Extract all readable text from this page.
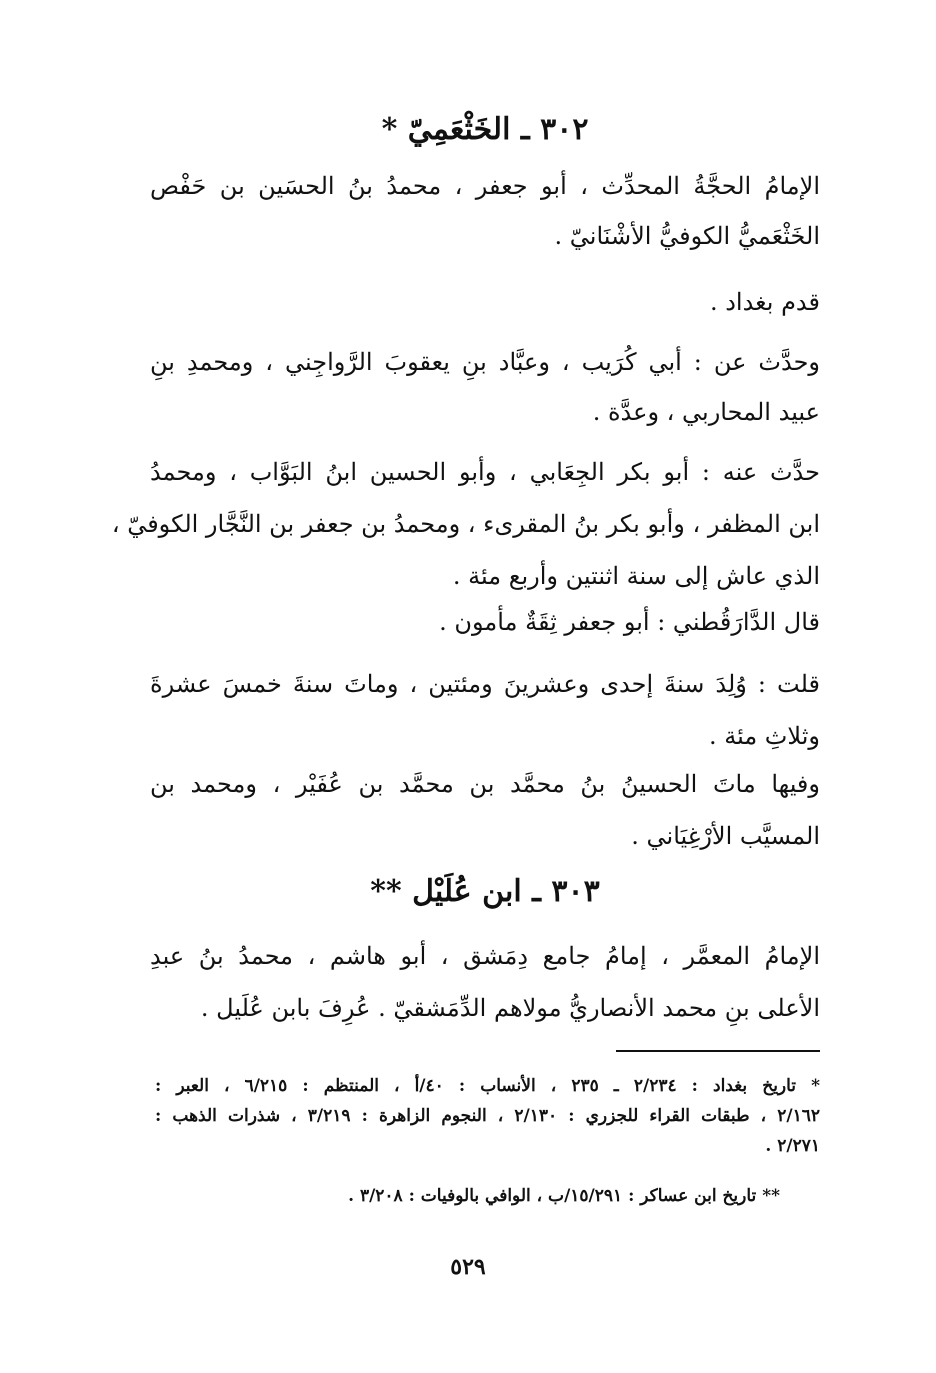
٣٠٢ ـ الخَثْعَمِيّ *
الإمامُ الحجَّةُ المحدِّث ، أبو جعفر ، محمدُ بنُ الحسَين بن حَفْص
الخَثْعَميُّ الكوفيُّ الأشْنَانيّ .
قدم بغداد .
وحدَّث عن : أبي كُرَيب ، وعبَّاد بنِ يعقوبَ الرَّواجِني ، ومحمدِ بنِ
عبيد المحاربي ، وعدَّة .
حدَّث عنه : أبو بكر الجِعَابي ، وأبو الحسين ابنُ البَوَّاب ، ومحمدُ
ابن المظفر ، وأبو بكر بنُ المقرىء ، ومحمدُ بن جعفر بن النَّجَّار الكوفيّ ،
الذي عاش إلى سنة اثنتين وأربع مئة .
قال الدَّارَقُطني : أبو جعفر ثِقَةٌ مأمون .
قلت : وُلِدَ سنةَ إحدى وعشرينَ ومئتين ، وماتَ سنةَ خمسَ عشرةَ
وثلاثِ مئة .
وفيها ماتَ الحسينُ بنُ محمَّد بن محمَّد بن عُفَيْر ، ومحمد بن
المسيَّب الأرْغِيَاني .
٣٠٣ ـ ابن عُلَيْل **
الإمامُ المعمَّر ، إمامُ جامع دِمَشق ، أبو هاشم ، محمدُ بنُ عبدِ
الأعلى بنِ محمد الأنصاريُّ مولاهم الدِّمَشقيّ . عُرِفَ بابن عُلَيل .
* تاريخ بغداد : ٢/٢٣٤ ـ ٢٣٥ ، الأنساب : ٤٠/أ ، المنتظم : ٦/٢١٥ ، العبر :
٢/١٦٢ ، طبقات القراء للجزري : ٢/١٣٠ ، النجوم الزاهرة : ٣/٢١٩ ، شذرات الذهب :
٢/٢٧١ .
** تاريخ ابن عساكر : ١٥/٢٩١/ب ، الوافي بالوفيات : ٣/٢٠٨ .
٥٢٩
